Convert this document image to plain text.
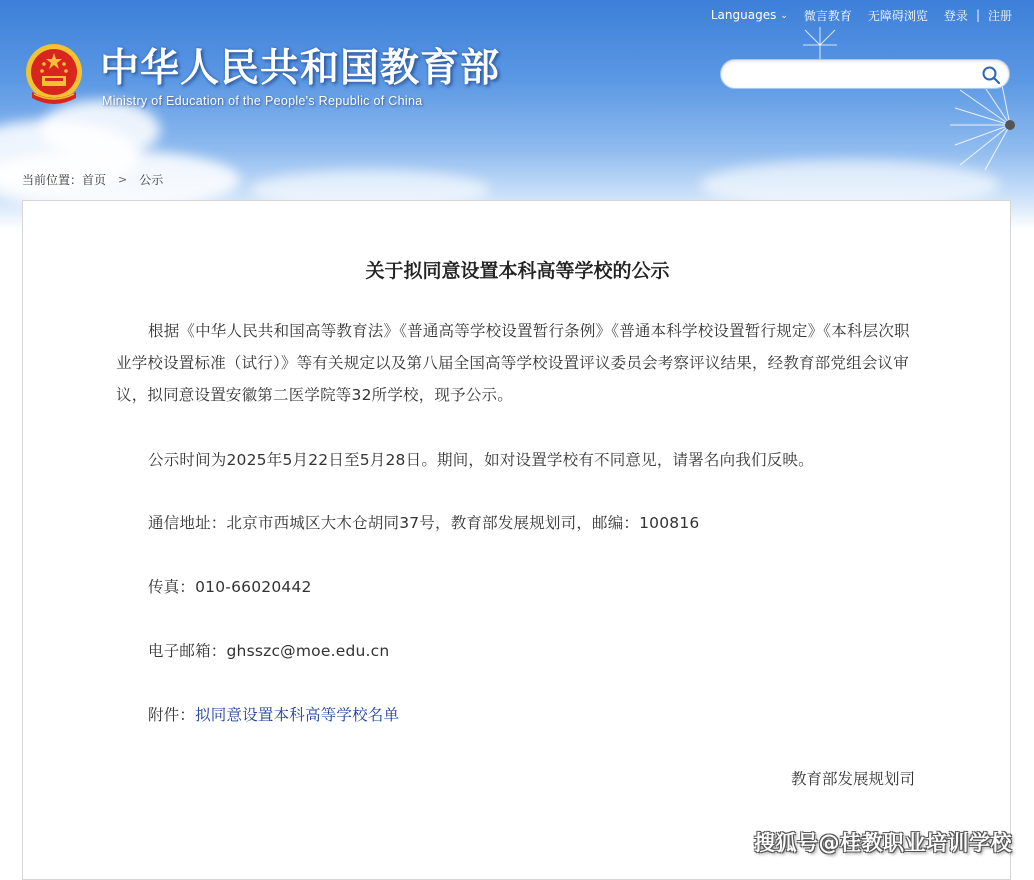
Languages ⌄ 微言教育 无障碍浏览 登录 | 注册
中华人民共和国教育部
Ministry of Education of the People's Republic of China
当前位置： 首页 > 公示
关于拟同意设置本科高等学校的公示
根据《中华人民共和国高等教育法》《普通高等学校设置暂行条例》《普通本科学校设置暂行规定》《本科层次职业学校设置标准（试行）》等有关规定以及第八届全国高等学校设置评议委员会考察评议结果，经教育部党组会议审议，拟同意设置安徽第二医学院等32所学校，现予公示。
公示时间为2025年5月22日至5月28日。期间，如对设置学校有不同意见，请署名向我们反映。
通信地址：北京市西城区大木仓胡同37号，教育部发展规划司，邮编：100816
传真：010-66020442
电子邮箱：ghsszc@moe.edu.cn
附件：拟同意设置本科高等学校名单
教育部发展规划司
搜狐号@桂教职业培训学校
